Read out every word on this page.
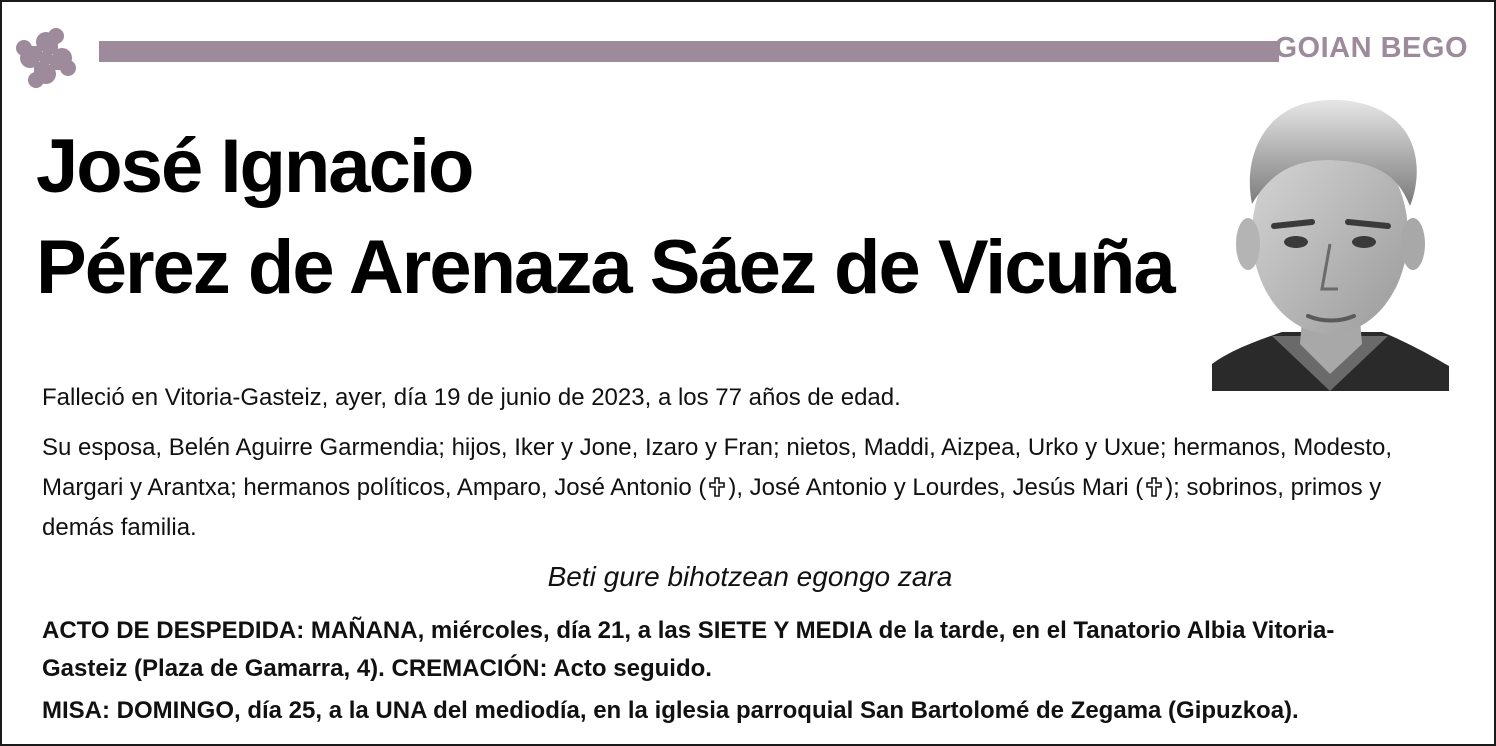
GOIAN BEGO
José Ignacio
Pérez de Arenaza Sáez de Vicuña
Falleció en Vitoria-Gasteiz, ayer, día 19 de junio de 2023, a los 77 años de edad.
Su esposa, Belén Aguirre Garmendia; hijos, Iker y Jone, Izaro y Fran; nietos, Maddi, Aizpea, Urko y Uxue; hermanos, Modesto, Margari y Arantxa; hermanos políticos, Amparo, José Antonio ( ), José Antonio y Lourdes, Jesús Mari ( ); sobrinos, primos y demás familia.
Beti gure bihotzean egongo zara
ACTO DE DESPEDIDA: MAÑANA, miércoles, día 21, a las SIETE Y MEDIA de la tarde, en el Tanatorio Albia Vitoria-Gasteiz (Plaza de Gamarra, 4). CREMACIÓN: Acto seguido.
MISA: DOMINGO, día 25, a la UNA del mediodía, en la iglesia parroquial San Bartolomé de Zegama (Gipuzkoa).
